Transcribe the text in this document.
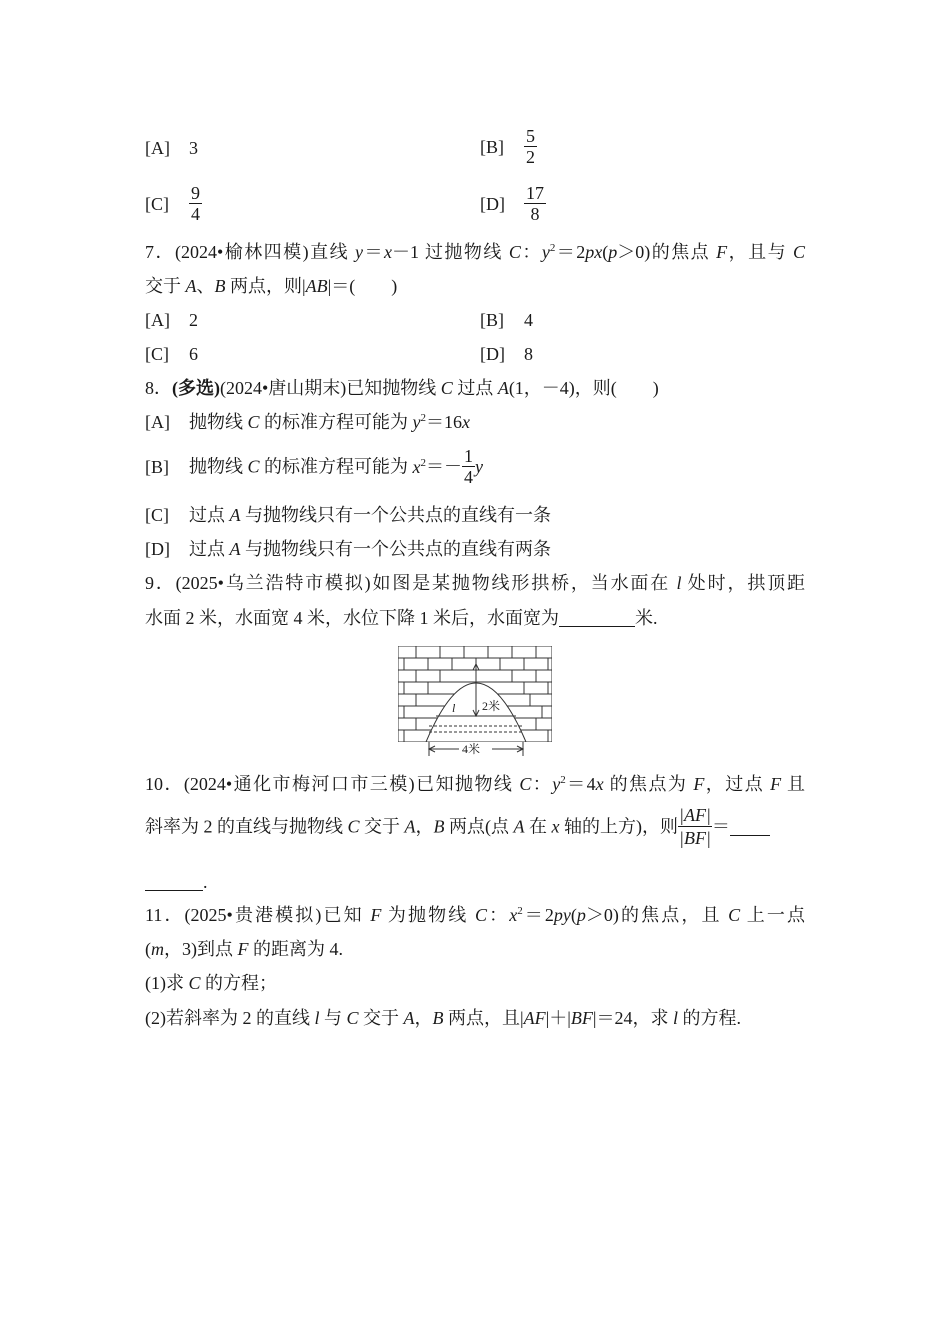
[A] 3	$[B] \frac{5}{2}$
$[C] \frac{9}{4}$	$[D] \frac{17}{8}$
7．(2024•榆林四模)直线 y＝x－1 过抛物线 C：$y^2=2px(p>0)$的焦点 F，且与 C
交于 A、B 两点，则|AB|＝(　　)
[A] 2	[B] 4
[C] 6	[D] 8
8．(多选)(2024•唐山期末)已知抛物线 C 过点 A(1，－4)，则(　　)
[A] 抛物线 C 的标准方程可能为 $y^2=16x$
[B] 抛物线 C 的标准方程可能为 $x^2=- \frac{1}{4}$ y
[C] 过点 A 与抛物线只有一个公共点的直线有一条
[D] 过点 A 与抛物线只有一个公共点的直线有两条
9．(2025•乌兰浩特市模拟)如图是某抛物线形拱桥，当水面在 l 处时，拱顶距
水面 2 米，水面宽 4 米，水位下降 1 米后，水面宽为	米.
l 2米
4米
10．(2024•通化市梅河口市三模)已知抛物线 C：$y^2=4x$ 的焦点为 F，过点 F 且
斜率为 2 的直线与抛物线 C 交于 A，B 两点(点 A 在 x 轴的上方)，则 $\frac{|AF|}{|BF|}$ ＝
.
11．(2025•贵港模拟)已知 F 为抛物线 C：$x^2=2py(p>0)$的焦点，且 C 上一点
(m，3)到点 F 的距离为 4.
(1)求 C 的方程；
(2)若斜率为 2 的直线 l 与 C 交于 A，B 两点，且|AF|＋|BF|＝24，求 l 的方程.
